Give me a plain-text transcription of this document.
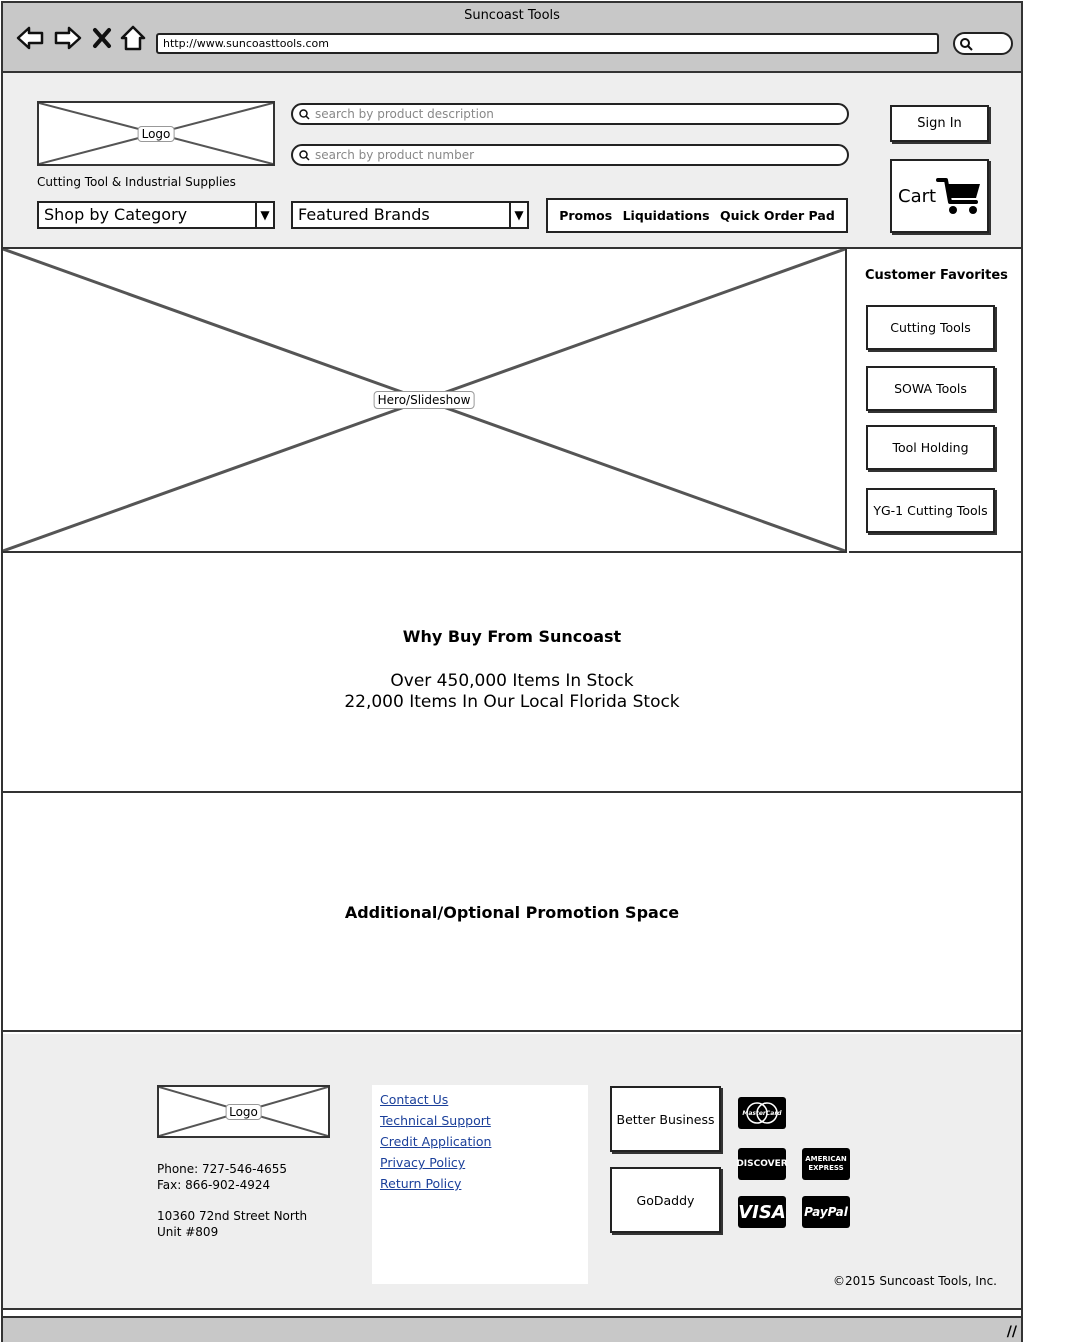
Suncoast Tools
http://www.suncoasttools.com
Logo
Cutting Tool & Industrial Supplies
search by product description
search by product number
Shop by Category	▼	Featured Brands	▼	Promos Liquidations Quick Order Pad
Sign In
Cart
Hero/Slideshow
Customer Favorites
Cutting Tools
SOWA Tools
Tool Holding
YG-1 Cutting Tools
Why Buy From Suncoast
Over 450,000 Items In Stock
22,000 Items In Our Local Florida Stock
Additional/Optional Promotion Space
Logo
Phone: 727-546-4655
Fax: 866-902-4924
10360 72nd Street North
Unit #809
Contact Us
Technical Support
Credit Application
Privacy Policy
Return Policy
Better Business
GoDaddy
MasterCard
DISCOVER	AMERICAN EXPRESS
VISA PayPal
©2015 Suncoast Tools, Inc.
//
